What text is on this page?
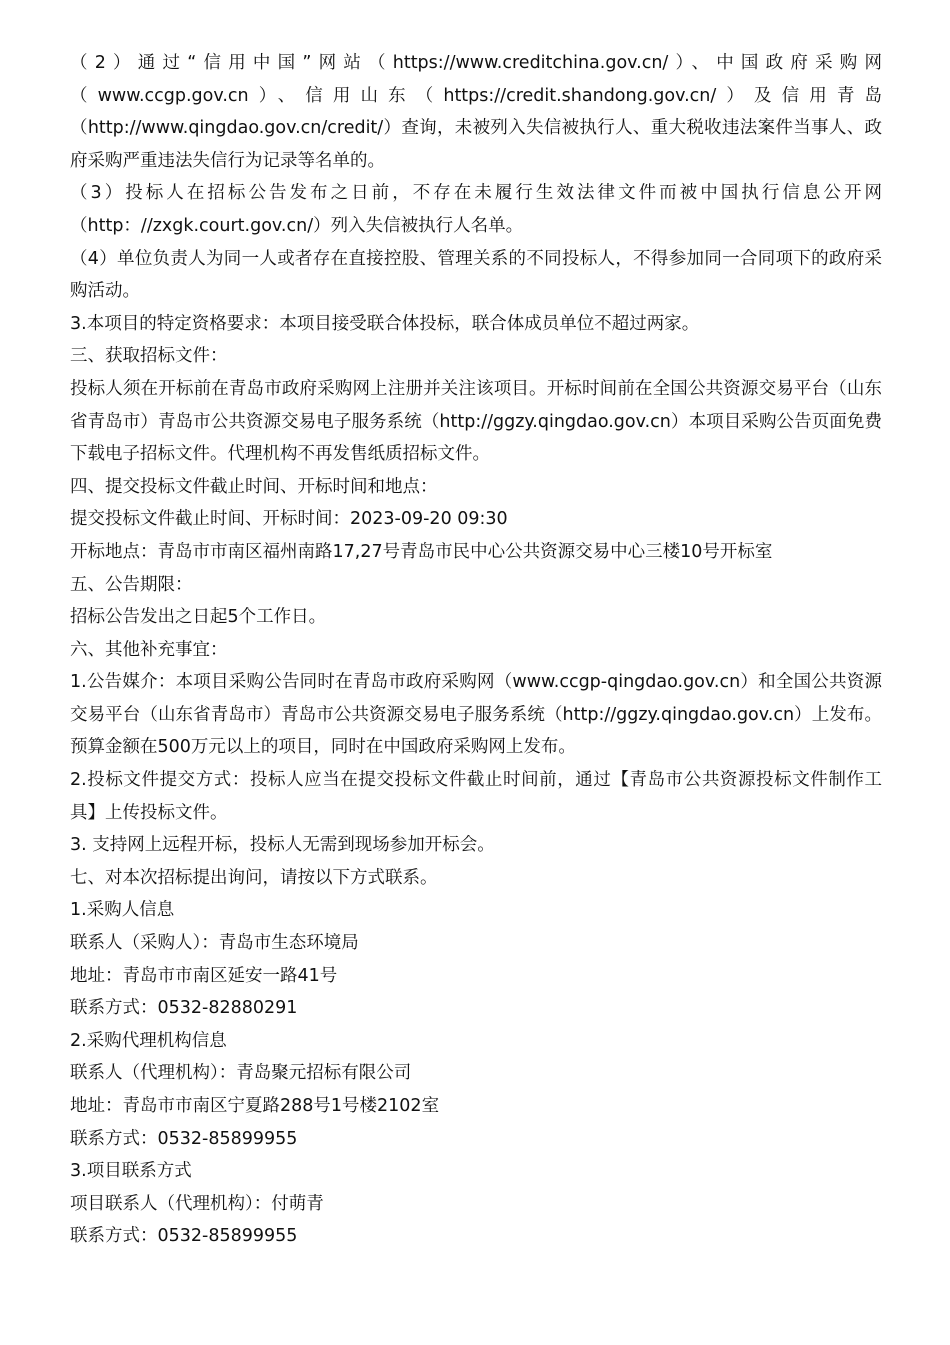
（2）通过“信用中国”网站（https://www.creditchina.gov.cn/）、中国政府采购网（www.ccgp.gov.cn）、信用山东（https://credit.shandong.gov.cn/）及信用青岛（http://www.qingdao.gov.cn/credit/）查询，未被列入失信被执行人、重大税收违法案件当事人、政府采购严重违法失信行为记录等名单的。

（3）投标人在招标公告发布之日前，不存在未履行生效法律文件而被中国执行信息公开网（http：//zxgk.court.gov.cn/）列入失信被执行人名单。

（4）单位负责人为同一人或者存在直接控股、管理关系的不同投标人，不得参加同一合同项下的政府采购活动。

3.本项目的特定资格要求：本项目接受联合体投标，联合体成员单位不超过两家。

三、获取招标文件：

投标人须在开标前在青岛市政府采购网上注册并关注该项目。开标时间前在全国公共资源交易平台（山东省青岛市）青岛市公共资源交易电子服务系统（http://ggzy.qingdao.gov.cn）本项目采购公告页面免费下载电子招标文件。代理机构不再发售纸质招标文件。

四、提交投标文件截止时间、开标时间和地点：

提交投标文件截止时间、开标时间：2023-09-20 09:30

开标地点：青岛市市南区福州南路17,27号青岛市民中心公共资源交易中心三楼10号开标室

五、公告期限：

招标公告发出之日起5个工作日。

六、其他补充事宜：

1.公告媒介：本项目采购公告同时在青岛市政府采购网（www.ccgp-qingdao.gov.cn）和全国公共资源交易平台（山东省青岛市）青岛市公共资源交易电子服务系统（http://ggzy.qingdao.gov.cn）上发布。预算金额在500万元以上的项目，同时在中国政府采购网上发布。

2.投标文件提交方式：投标人应当在提交投标文件截止时间前，通过【青岛市公共资源投标文件制作工具】上传投标文件。

3. 支持网上远程开标，投标人无需到现场参加开标会。

七、对本次招标提出询问，请按以下方式联系。

1.采购人信息

联系人（采购人）：青岛市生态环境局

地址：青岛市市南区延安一路41号

联系方式：0532-82880291

2.采购代理机构信息

联系人（代理机构）：青岛聚元招标有限公司

地址：青岛市市南区宁夏路288号1号楼2102室

联系方式：0532-85899955

3.项目联系方式

项目联系人（代理机构）：付萌青

联系方式：0532-85899955
